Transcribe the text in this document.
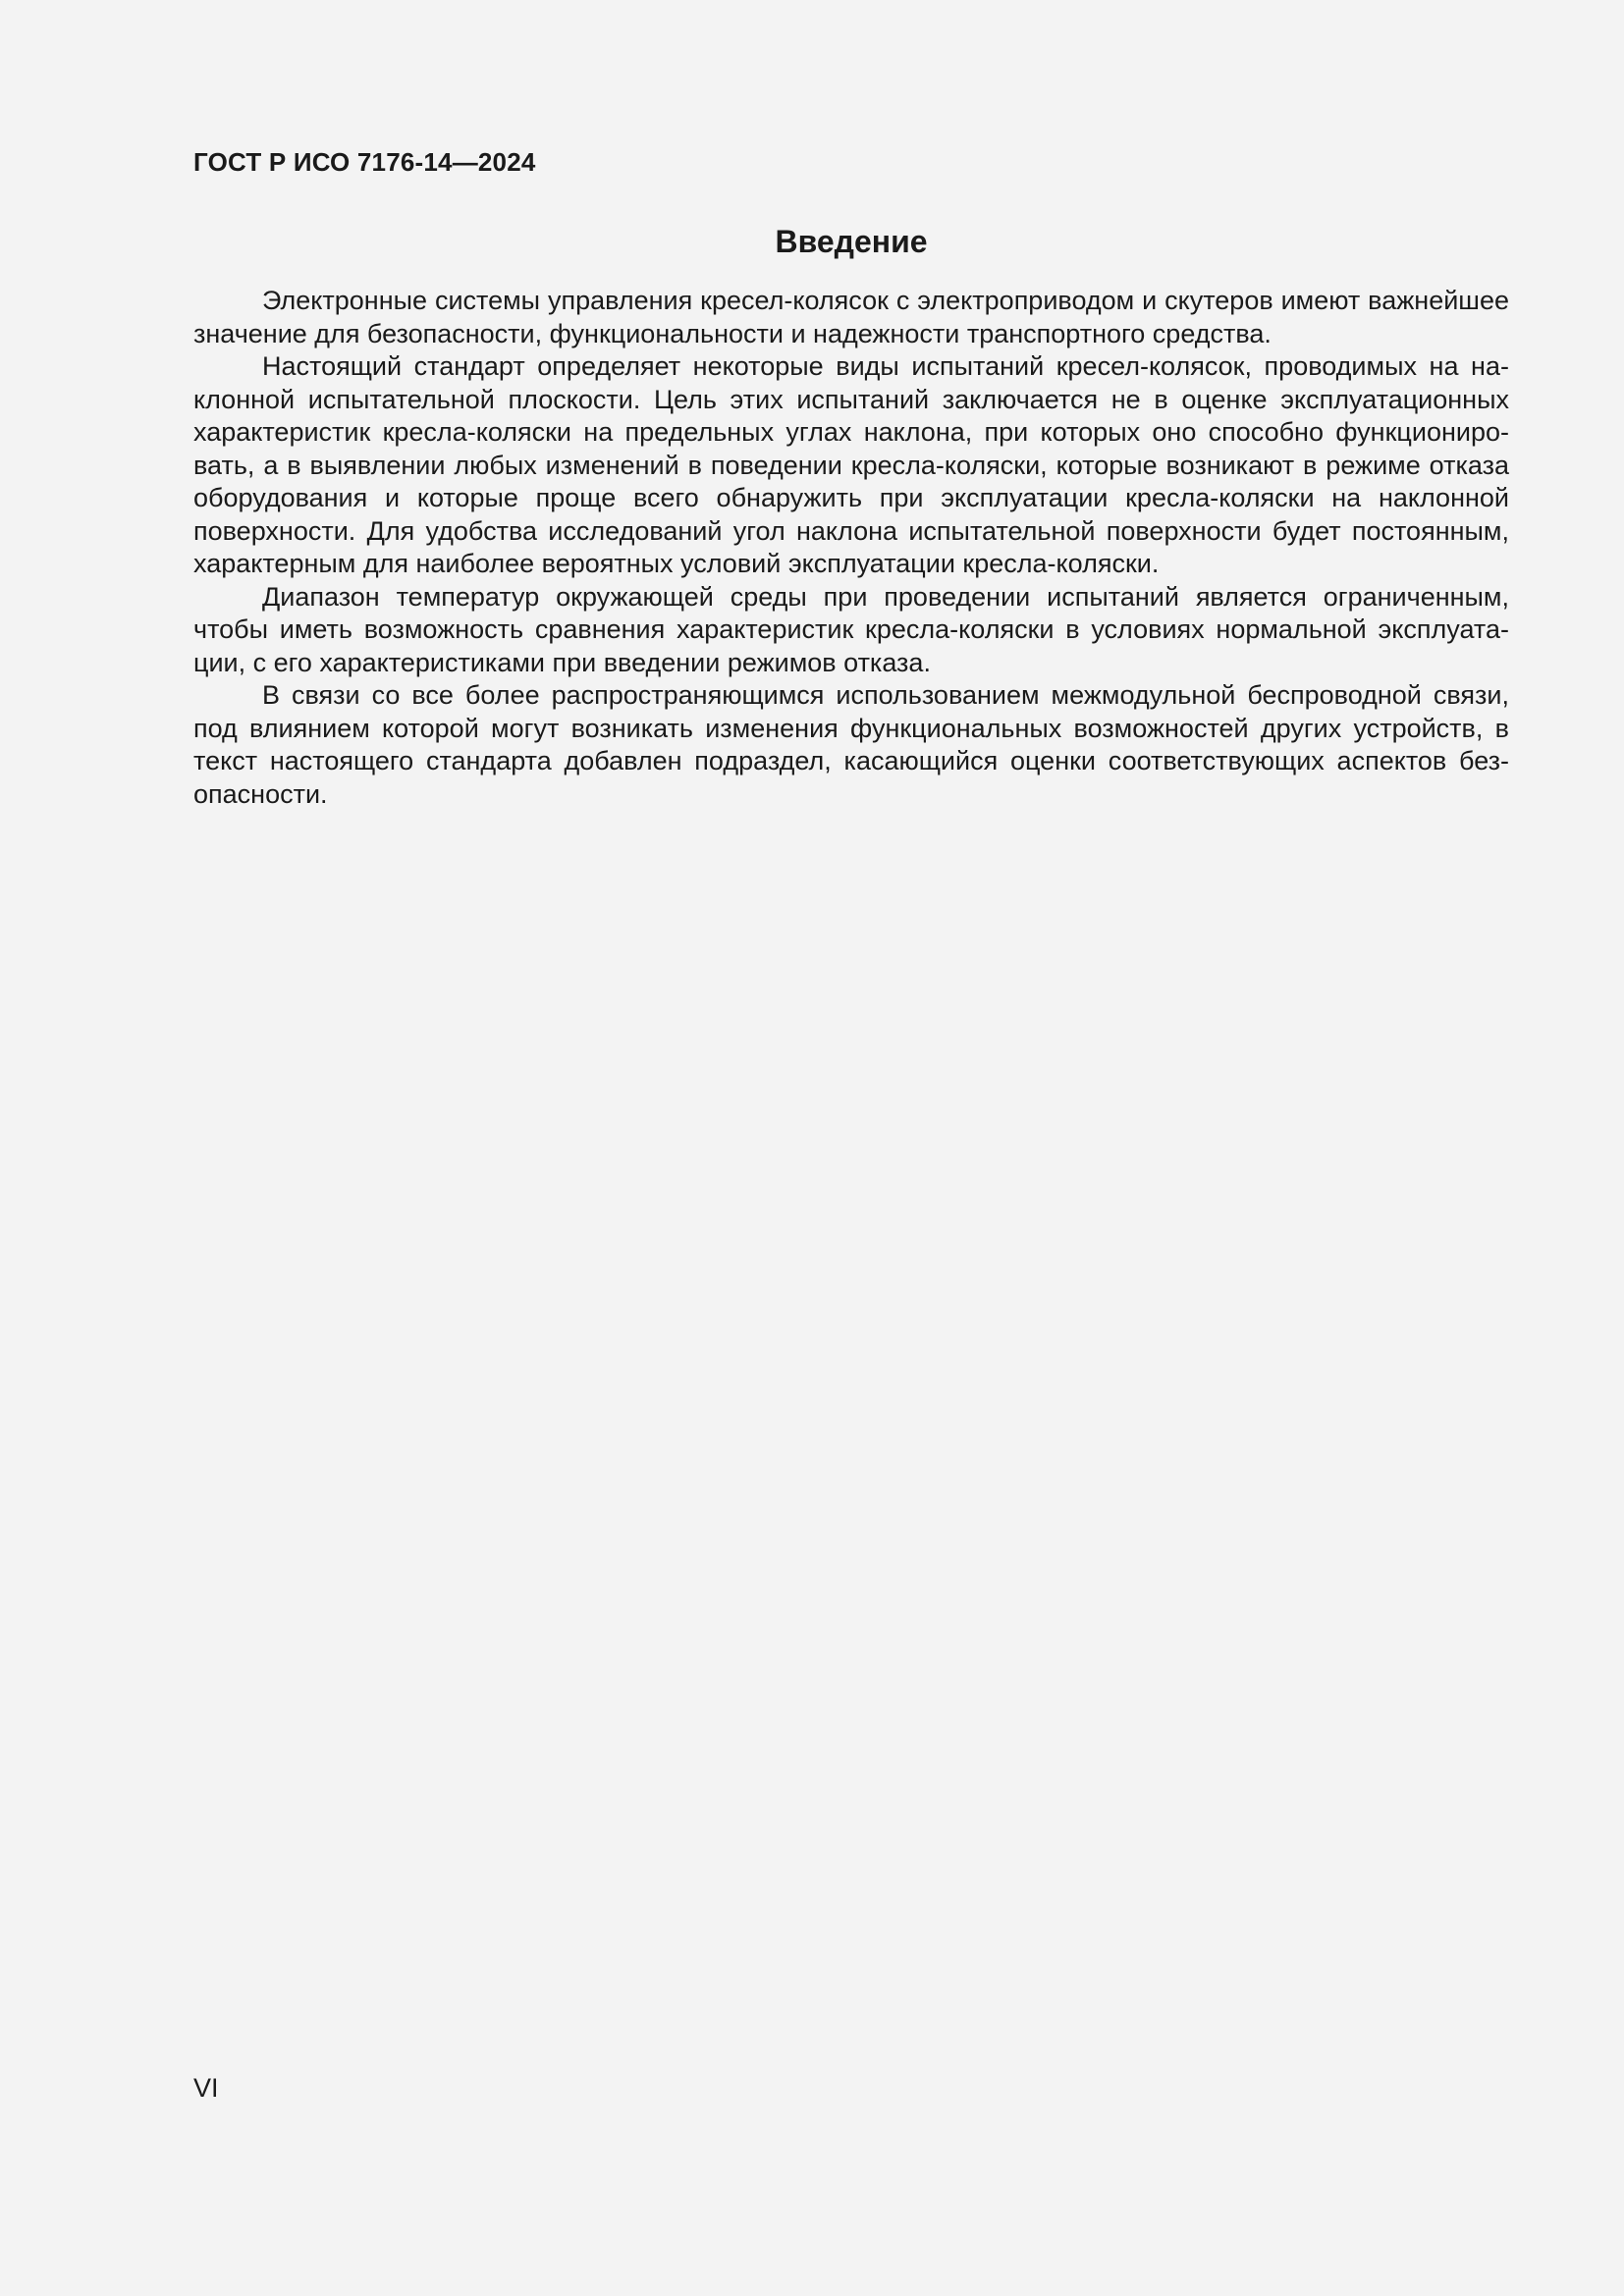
ГОСТ Р ИСО 7176-14—2024
Введение

Электронные системы управления кресел-колясок с электроприводом и скутеров имеют важнейшее значение для безопасности, функциональности и надежности транспортного средства.

Настоящий стандарт определяет некоторые виды испытаний кресел-колясок, проводимых на наклонной испытательной плоскости. Цель этих испытаний заключается не в оценке эксплуатационных характеристик кресла-коляски на предельных углах наклона, при которых оно способно функционировать, а в выявлении любых изменений в поведении кресла-коляски, которые возникают в режиме отказа оборудования и которые проще всего обнаружить при эксплуатации кресла-коляски на наклонной поверхности. Для удобства исследований угол наклона испытательной поверхности будет постоянным, характерным для наиболее вероятных условий эксплуатации кресла-коляски.

Диапазон температур окружающей среды при проведении испытаний является ограниченным, чтобы иметь возможность сравнения характеристик кресла-коляски в условиях нормальной эксплуатации, с его характеристиками при введении режимов отказа.

В связи со все более распространяющимся использованием межмодульной беспроводной связи, под влиянием которой могут возникать изменения функциональных возможностей других устройств, в текст настоящего стандарта добавлен подраздел, касающийся оценки соответствующих аспектов безопасности.

VI
